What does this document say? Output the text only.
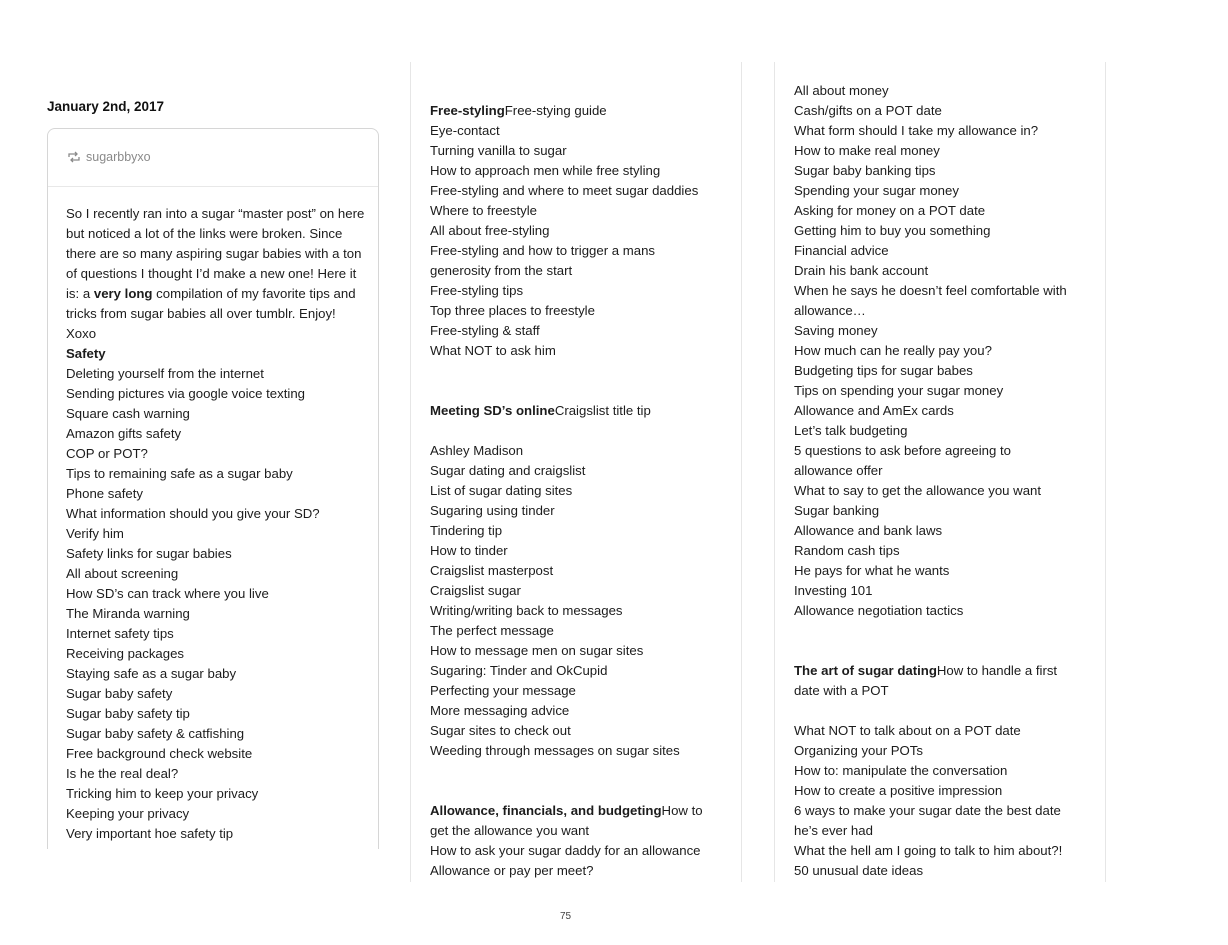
January 2nd, 2017
sugarbbyxo
So I recently ran into a sugar “master post” on here but noticed a lot of the links were broken. Since there are so many aspiring sugar babies with a ton of questions I thought I’d make a new one! Here it is: a very long compilation of my favorite tips and tricks from sugar babies all over tumblr. Enjoy! Xoxo
Safety
Deleting yourself from the internet
Sending pictures via google voice texting
Square cash warning
Amazon gifts safety
COP or POT?
Tips to remaining safe as a sugar baby
Phone safety
What information should you give your SD?
Verify him
Safety links for sugar babies
All about screening
How SD’s can track where you live
The Miranda warning
Internet safety tips
Receiving packages
Staying safe as a sugar baby
Sugar baby safety
Sugar baby safety tip
Sugar baby safety & catfishing
Free background check website
Is he the real deal?
Tricking him to keep your privacy
Keeping your privacy
Very important hoe safety tip
Free-stylingFree-stying guide
Eye-contact
Turning vanilla to sugar
How to approach men while free styling
Free-styling and where to meet sugar daddies
Where to freestyle
All about free-styling
Free-styling and how to trigger a mans
generosity from the start
Free-styling tips
Top three places to freestyle
Free-styling & staff
What NOT to ask him
Meeting SD’s onlineCraigslist title tip
Ashley Madison
Sugar dating and craigslist
List of sugar dating sites
Sugaring using tinder
Tindering tip
How to tinder
Craigslist masterpost
Craigslist sugar
Writing/writing back to messages
The perfect message
How to message men on sugar sites
Sugaring: Tinder and OkCupid
Perfecting your message
More messaging advice
Sugar sites to check out
Weeding through messages on sugar sites
Allowance, financials, and budgetingHow to
get the allowance you want
How to ask your sugar daddy for an allowance
Allowance or pay per meet?
All about money
Cash/gifts on a POT date
What form should I take my allowance in?
How to make real money
Sugar baby banking tips
Spending your sugar money
Asking for money on a POT date
Getting him to buy you something
Financial advice
Drain his bank account
When he says he doesn’t feel comfortable with
allowance…
Saving money
How much can he really pay you?
Budgeting tips for sugar babes
Tips on spending your sugar money
Allowance and AmEx cards
Let’s talk budgeting
5 questions to ask before agreeing to
allowance offer
What to say to get the allowance you want
Sugar banking
Allowance and bank laws
Random cash tips
He pays for what he wants
Investing 101
Allowance negotiation tactics
The art of sugar datingHow to handle a first
date with a POT
What NOT to talk about on a POT date
Organizing your POTs
How to: manipulate the conversation
How to create a positive impression
6 ways to make your sugar date the best date
he’s ever had
What the hell am I going to talk to him about?!
50 unusual date ideas
75
